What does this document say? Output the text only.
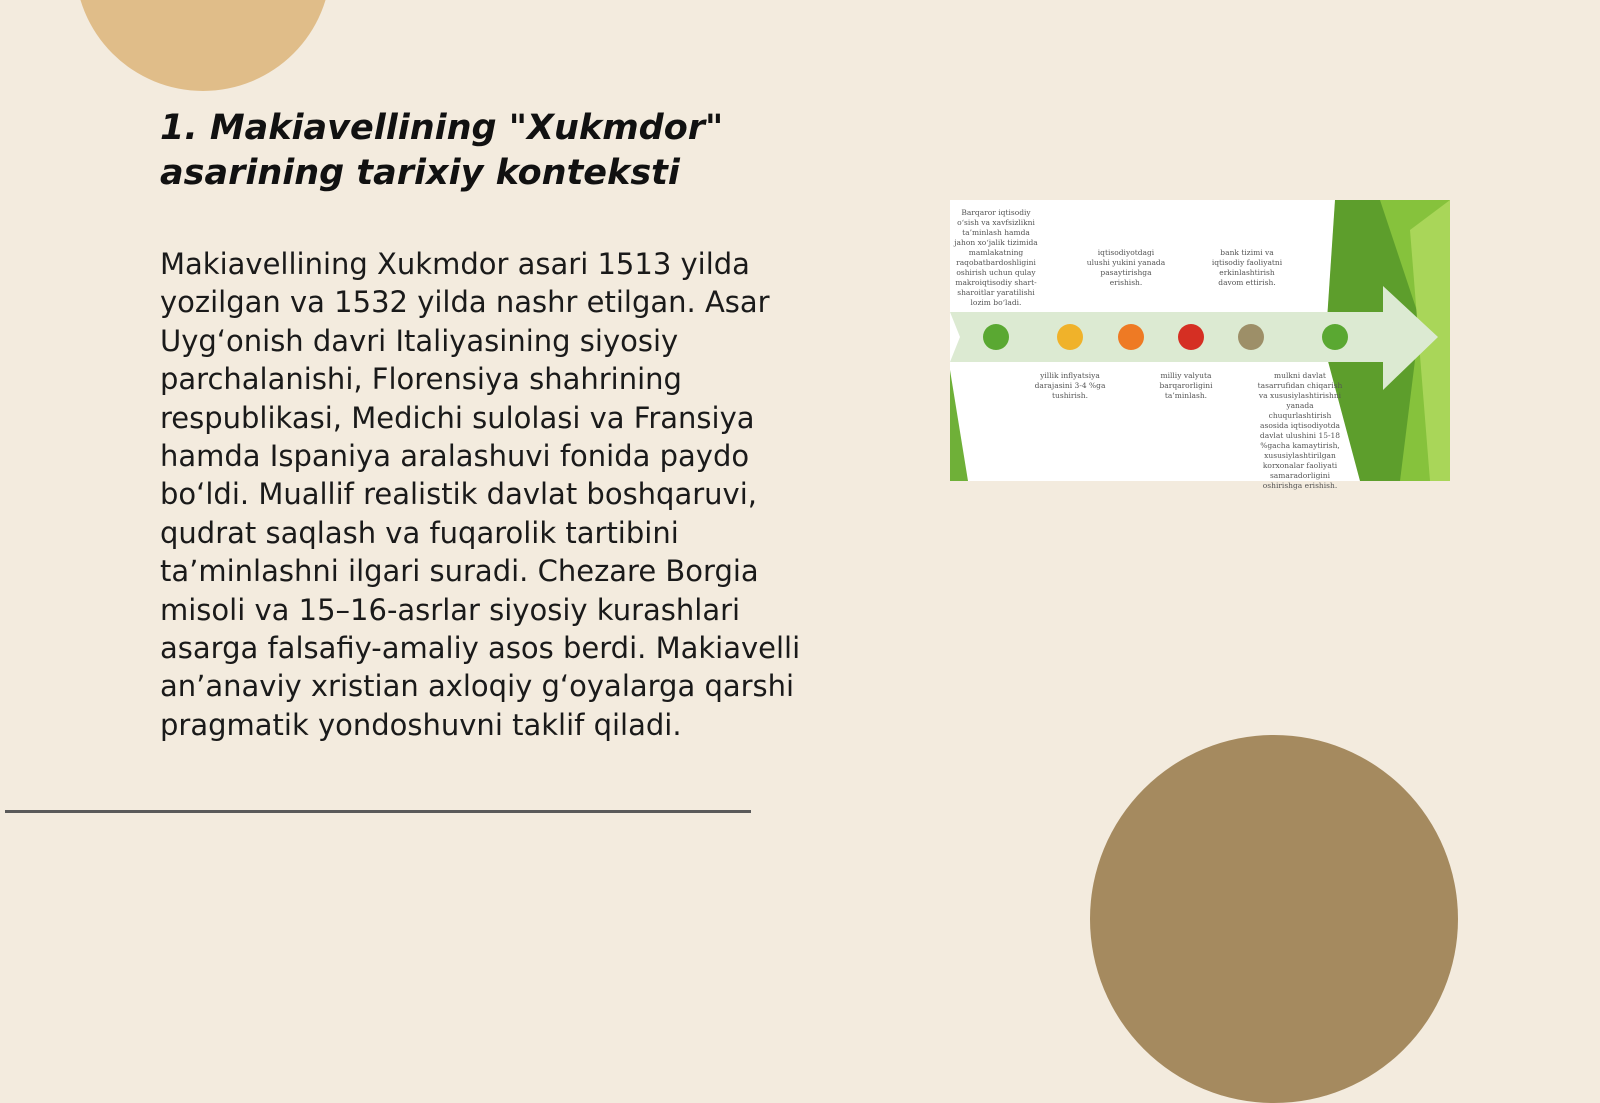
1. Makiavellining "Xukmdor" asarining tarixiy konteksti

Makiavellining Xukmdor asari 1513 yilda yozilgan va 1532 yilda nashr etilgan. Asar Uyg‘onish davri Italiyasining siyosiy parchalanishi, Florensiya shahrining respublikasi, Medichi sulolasi va Fransiya hamda Ispaniya aralashuvi fonida paydo bo‘ldi. Muallif realistik davlat boshqaruvi, qudrat saqlash va fuqarolik tartibini ta’minlashni ilgari suradi. Chezare Borgia misoli va 15–16-asrlar siyosiy kurashlari asarga falsafiy-amaliy asos berdi. Makiavelli an’anaviy xristian axloqiy g‘oyalarga qarshi pragmatik yondoshuvni taklif qiladi.

Barqaror iqtisodiy o‘sish va xavfsizlikni ta’minlash hamda jahon xo‘jalik tizimida mamlakatning raqobatbardoshligini oshirish uchun qulay makroiqtisodiy shart-sharoitlar yaratilishi lozim bo‘ladi.
iqtisodiyotdagi ulushi yukini yanada pasaytirishga erishish.
bank tizimi va iqtisodiy faoliyatni erkinlashtirish davom ettirish.
yillik inflyatsiya darajasini 3-4 %ga tushirish.
milliy valyuta barqarorligini ta’minlash.
mulkni davlat tasarrufidan chiqarish va xususiylashtirishni yanada chuqurlashtirish asosida iqtisodiyotda davlat ulushini 15-18 %gacha kamaytirish, xususiylashtirilgan korxonalar faoliyati samaradorligini oshirishga erishish.
